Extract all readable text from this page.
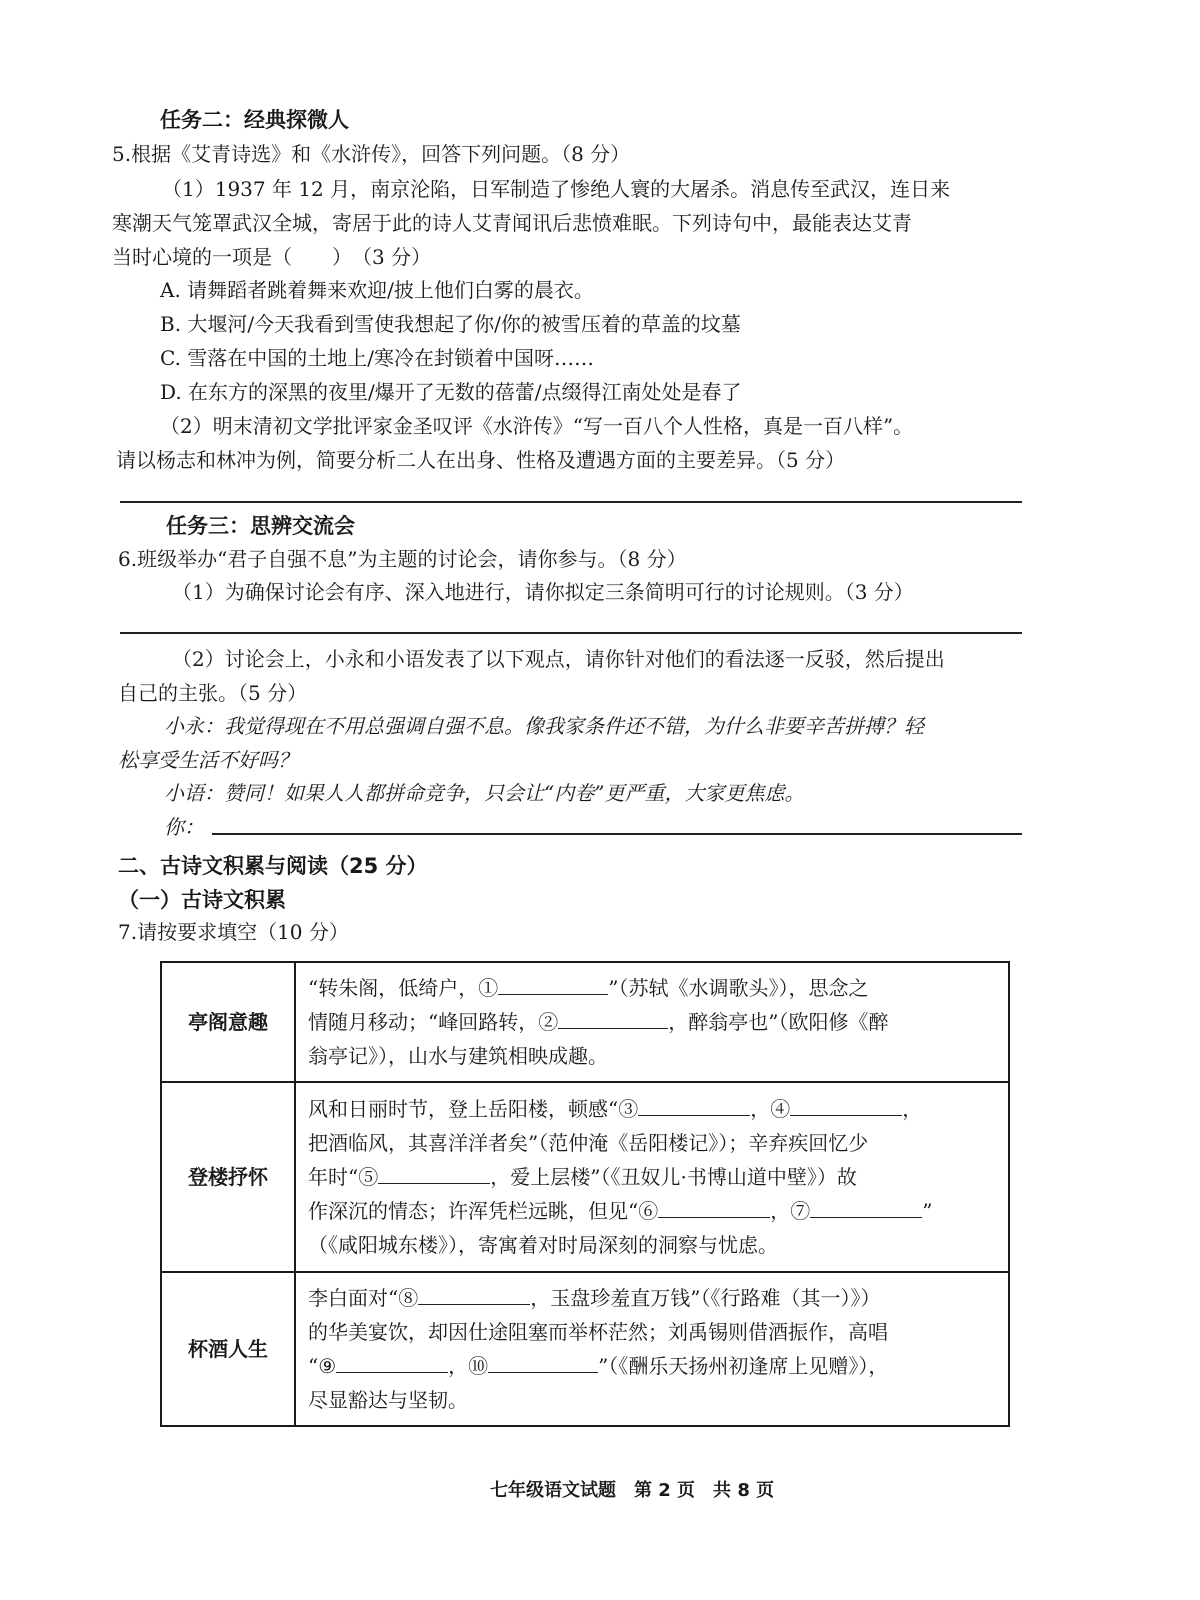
任务二：经典探微人
5.根据《艾青诗选》和《水浒传》，回答下列问题。（8 分）
（1）1937 年 12 月，南京沦陷，日军制造了惨绝人寰的大屠杀。消息传至武汉，连日来
寒潮天气笼罩武汉全城，寄居于此的诗人艾青闻讯后悲愤难眠。下列诗句中，最能表达艾青
当时心境的一项是（　　）　（3 分）
A. 请舞蹈者跳着舞来欢迎/披上他们白雾的晨衣。
B. 大堰河/今天我看到雪使我想起了你/你的被雪压着的草盖的坟墓
C. 雪落在中国的土地上/寒冷在封锁着中国呀……
D. 在东方的深黑的夜里/爆开了无数的蓓蕾/点缀得江南处处是春了
（2）明末清初文学批评家金圣叹评《水浒传》“写一百八个人性格，真是一百八样”。
请以杨志和林冲为例，简要分析二人在出身、性格及遭遇方面的主要差异。（5 分）
任务三：思辨交流会
6.班级举办“君子自强不息”为主题的讨论会，请你参与。（8 分）
（1）为确保讨论会有序、深入地进行，请你拟定三条简明可行的讨论规则。（3 分）
（2）讨论会上，小永和小语发表了以下观点，请你针对他们的看法逐一反驳，然后提出
自己的主张。（5 分）
小永：我觉得现在不用总强调自强不息。像我家条件还不错，为什么非要辛苦拼搏？轻
松享受生活不好吗？
小语：赞同！如果人人都拼命竞争，只会让“内卷”更严重，大家更焦虑。
你：
二、古诗文积累与阅读（25 分）
（一）古诗文积累
7.请按要求填空（10 分）
亭阁意趣	“转朱阁，低绮户，① ”（苏轼《水调歌头》），思念之
情随月移动；“峰回路转，② ，醉翁亭也”（欧阳修《醉
翁亭记》），山水与建筑相映成趣。

登楼抒怀	风和日丽时节，登上岳阳楼，顿感“③ ，④ ，
把酒临风，其喜洋洋者矣”（范仲淹《岳阳楼记》）；辛弃疾回忆少
年时“⑤ ，爱上层楼”（《丑奴儿·书博山道中壁》）故
作深沉的情态；许浑凭栏远眺，但见“⑥ ，⑦ ”
（《咸阳城东楼》），寄寓着对时局深刻的洞察与忧虑。

杯酒人生	李白面对“⑧ ，玉盘珍羞直万钱”（《行路难（其一）》）
的华美宴饮，却因仕途阻塞而举杯茫然；刘禹锡则借酒振作，高唱
“⑨ ，⑩ ”（《酬乐天扬州初逢席上见赠》），
尽显豁达与坚韧。
七年级语文试题　第 2 页　共 8 页
